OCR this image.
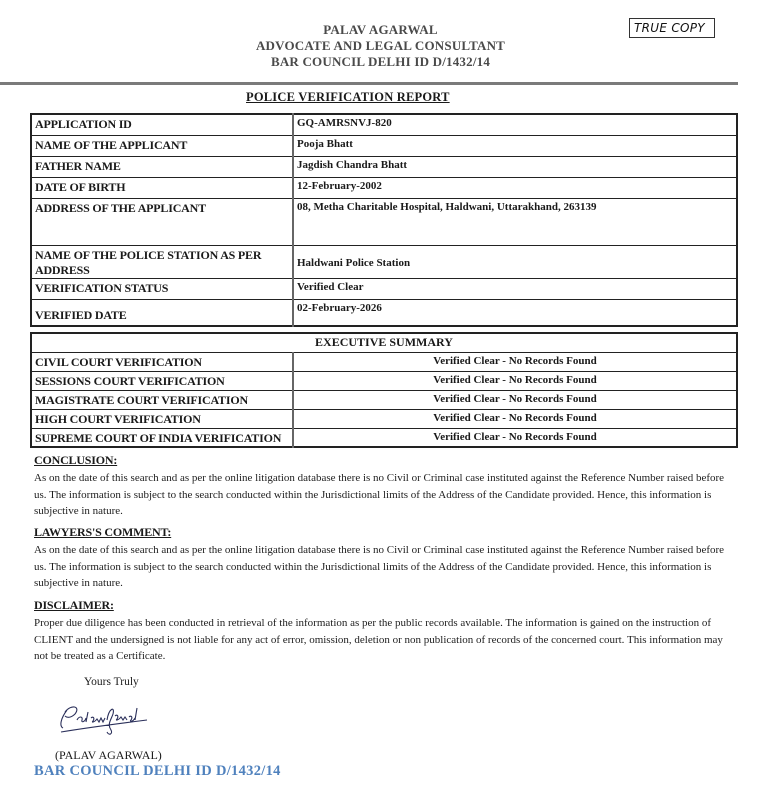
PALAV AGARWAL
ADVOCATE AND LEGAL CONSULTANT
BAR COUNCIL DELHI ID D/1432/14
TRUE COPY
POLICE VERIFICATION REPORT
APPLICATION ID	GQ-AMRSNVJ-820
NAME OF THE APPLICANT	Pooja Bhatt
FATHER NAME	Jagdish Chandra Bhatt
DATE OF BIRTH	12-February-2002
ADDRESS OF THE APPLICANT	08, Metha Charitable Hospital, Haldwani, Uttarakhand, 263139
NAME OF THE POLICE STATION AS PER ADDRESS	Haldwani Police Station
VERIFICATION STATUS	Verified Clear
VERIFIED DATE	02-February-2026
EXECUTIVE SUMMARY	
CIVIL COURT VERIFICATION	Verified Clear - No Records Found
SESSIONS COURT VERIFICATION	Verified Clear - No Records Found
MAGISTRATE COURT VERIFICATION	Verified Clear - No Records Found
HIGH COURT VERIFICATION	Verified Clear - No Records Found
SUPREME COURT OF INDIA VERIFICATION	Verified Clear - No Records Found
CONCLUSION:
As on the date of this search and as per the online litigation database there is no Civil or Criminal case instituted against the Reference Number raised before us. The information is subject to the search conducted within the Jurisdictional limits of the Address of the Candidate provided. Hence, this information is subjective in nature.
LAWYERS'S COMMENT:
As on the date of this search and as per the online litigation database there is no Civil or Criminal case instituted against the Reference Number raised before us. The information is subject to the search conducted within the Jurisdictional limits of the Address of the Candidate provided. Hence, this information is subjective in nature.
DISCLAIMER:
Proper due diligence has been conducted in retrieval of the information as per the public records available. The information is gained on the instruction of CLIENT and the undersigned is not liable for any act of error, omission, deletion or non publication of records of the concerned court. This information may not be treated as a Certificate.
Yours Truly
(PALAV AGARWAL)
BAR COUNCIL DELHI ID D/1432/14
